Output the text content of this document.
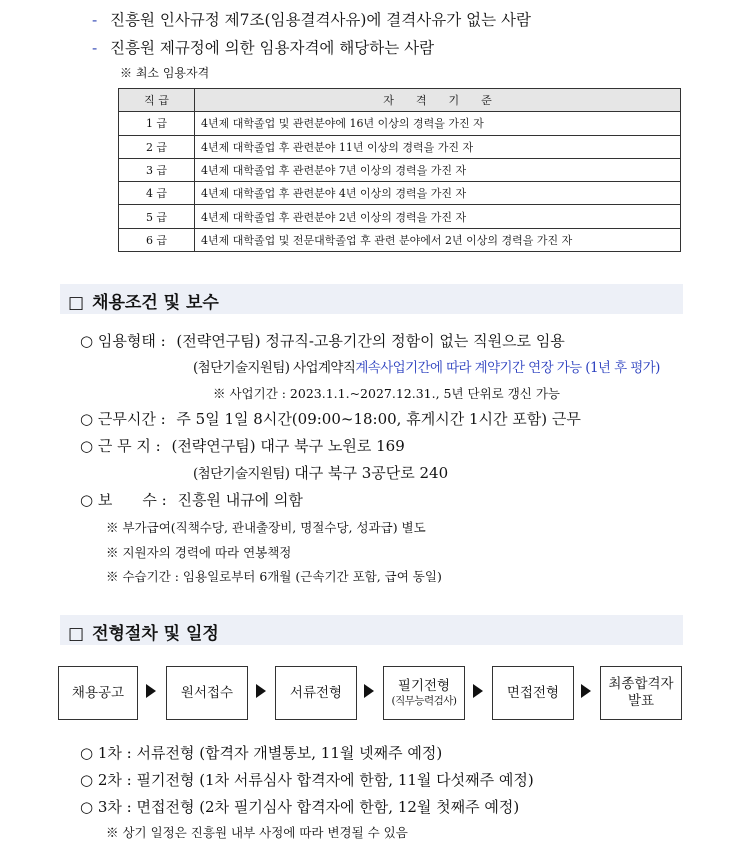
- 진흥원 인사규정 제7조(임용결격사유)에 결격사유가 없는 사람
- 진흥원 제규정에 의한 임용자격에 해당하는 사람
※ 최소 임용자격
직 급	자　　격　　기　　준
1 급	4년제 대학졸업 및 관련분야에 16년 이상의 경력을 가진 자
2 급	4년제 대학졸업 후 관련분야 11년 이상의 경력을 가진 자
3 급	4년제 대학졸업 후 관련분야 7년 이상의 경력을 가진 자
4 급	4년제 대학졸업 후 관련분야 4년 이상의 경력을 가진 자
5 급	4년제 대학졸업 후 관련분야 2년 이상의 경력을 가진 자
6 급	4년제 대학졸업 및 전문대학졸업 후 관련 분야에서 2년 이상의 경력을 가진 자
□ 채용조건 및 보수
○ 임용형태 : (전략연구팀) 정규직-고용기간의 정함이 없는 직원으로 임용
(첨단기술지원팀) 사업계약직계속사업기간에 따라 계약기간 연장 가능 (1년 후 평가)
※ 사업기간 : 2023.1.1.~2027.12.31., 5년 단위로 갱신 가능
○ 근무시간 : 주 5일 1일 8시간(09:00~18:00, 휴게시간 1시간 포함) 근무
○ 근 무 지 : (전략연구팀) 대구 북구 노원로 169
(첨단기술지원팀) 대구 북구 3공단로 240
○ 보　　수 : 진흥원 내규에 의함
※ 부가급여(직책수당, 관내출장비, 명절수당, 성과급) 별도
※ 지원자의 경력에 따라 연봉책정
※ 수습기간 : 임용일로부터 6개월 (근속기간 포함, 급여 동일)
□ 전형절차 및 일정
채용공고	원서접수	서류전형	필기전형
(직무능력검사)
면접전형
최종합격자
발표
○ 1차 : 서류전형 (합격자 개별통보, 11월 넷째주 예정)
○ 2차 : 필기전형 (1차 서류심사 합격자에 한함, 11월 다섯째주 예정)
○ 3차 : 면접전형 (2차 필기심사 합격자에 한함, 12월 첫째주 예정)
※ 상기 일정은 진흥원 내부 사정에 따라 변경될 수 있음
